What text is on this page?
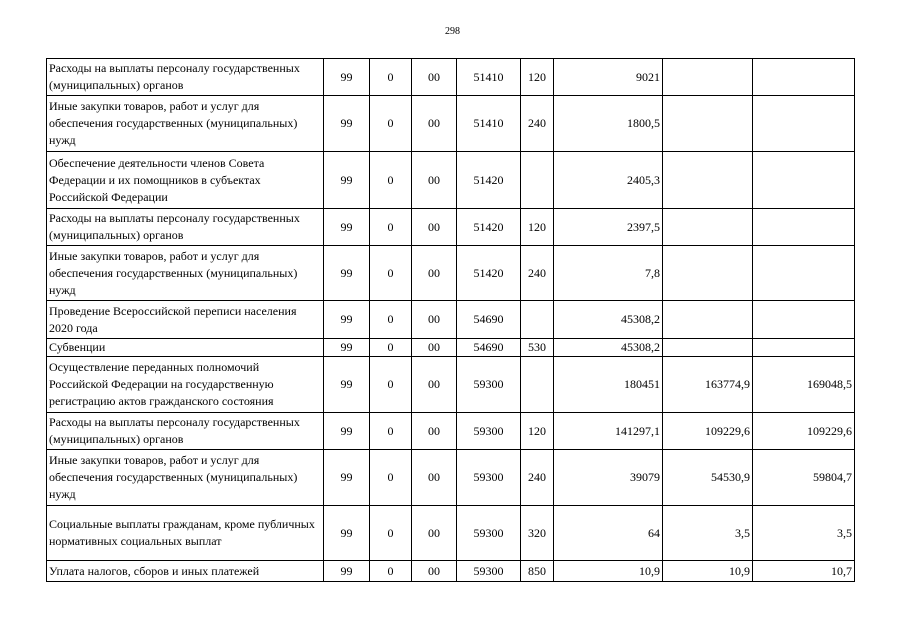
298
Расходы на выплаты персоналу государственных (муниципальных) органов	99	0	00	51410	120	9021		
Иные закупки товаров, работ и услуг для обеспечения государственных (муниципальных) нужд	99	0	00	51410	240	1800,5		
Обеспечение деятельности членов Совета Федерации и их помощников в субъектах Российской Федерации	99	0	00	51420		2405,3		
Расходы на выплаты персоналу государственных (муниципальных) органов	99	0	00	51420	120	2397,5		
Иные закупки товаров, работ и услуг для обеспечения государственных (муниципальных) нужд	99	0	00	51420	240	7,8		
Проведение Всероссийской переписи населения 2020 года	99	0	00	54690		45308,2		
Субвенции	99	0	00	54690	530	45308,2		
Осуществление переданных полномочий Российской Федерации на государственную регистрацию актов гражданского состояния	99	0	00	59300		180451	163774,9	169048,5
Расходы на выплаты персоналу государственных (муниципальных) органов	99	0	00	59300	120	141297,1	109229,6	109229,6
Иные закупки товаров, работ и услуг для обеспечения государственных (муниципальных) нужд	99	0	00	59300	240	39079	54530,9	59804,7
Социальные выплаты гражданам, кроме публичных нормативных социальных выплат	99	0	00	59300	320	64	3,5	3,5
Уплата налогов, сборов и иных платежей	99	0	00	59300	850	10,9	10,9	10,7
